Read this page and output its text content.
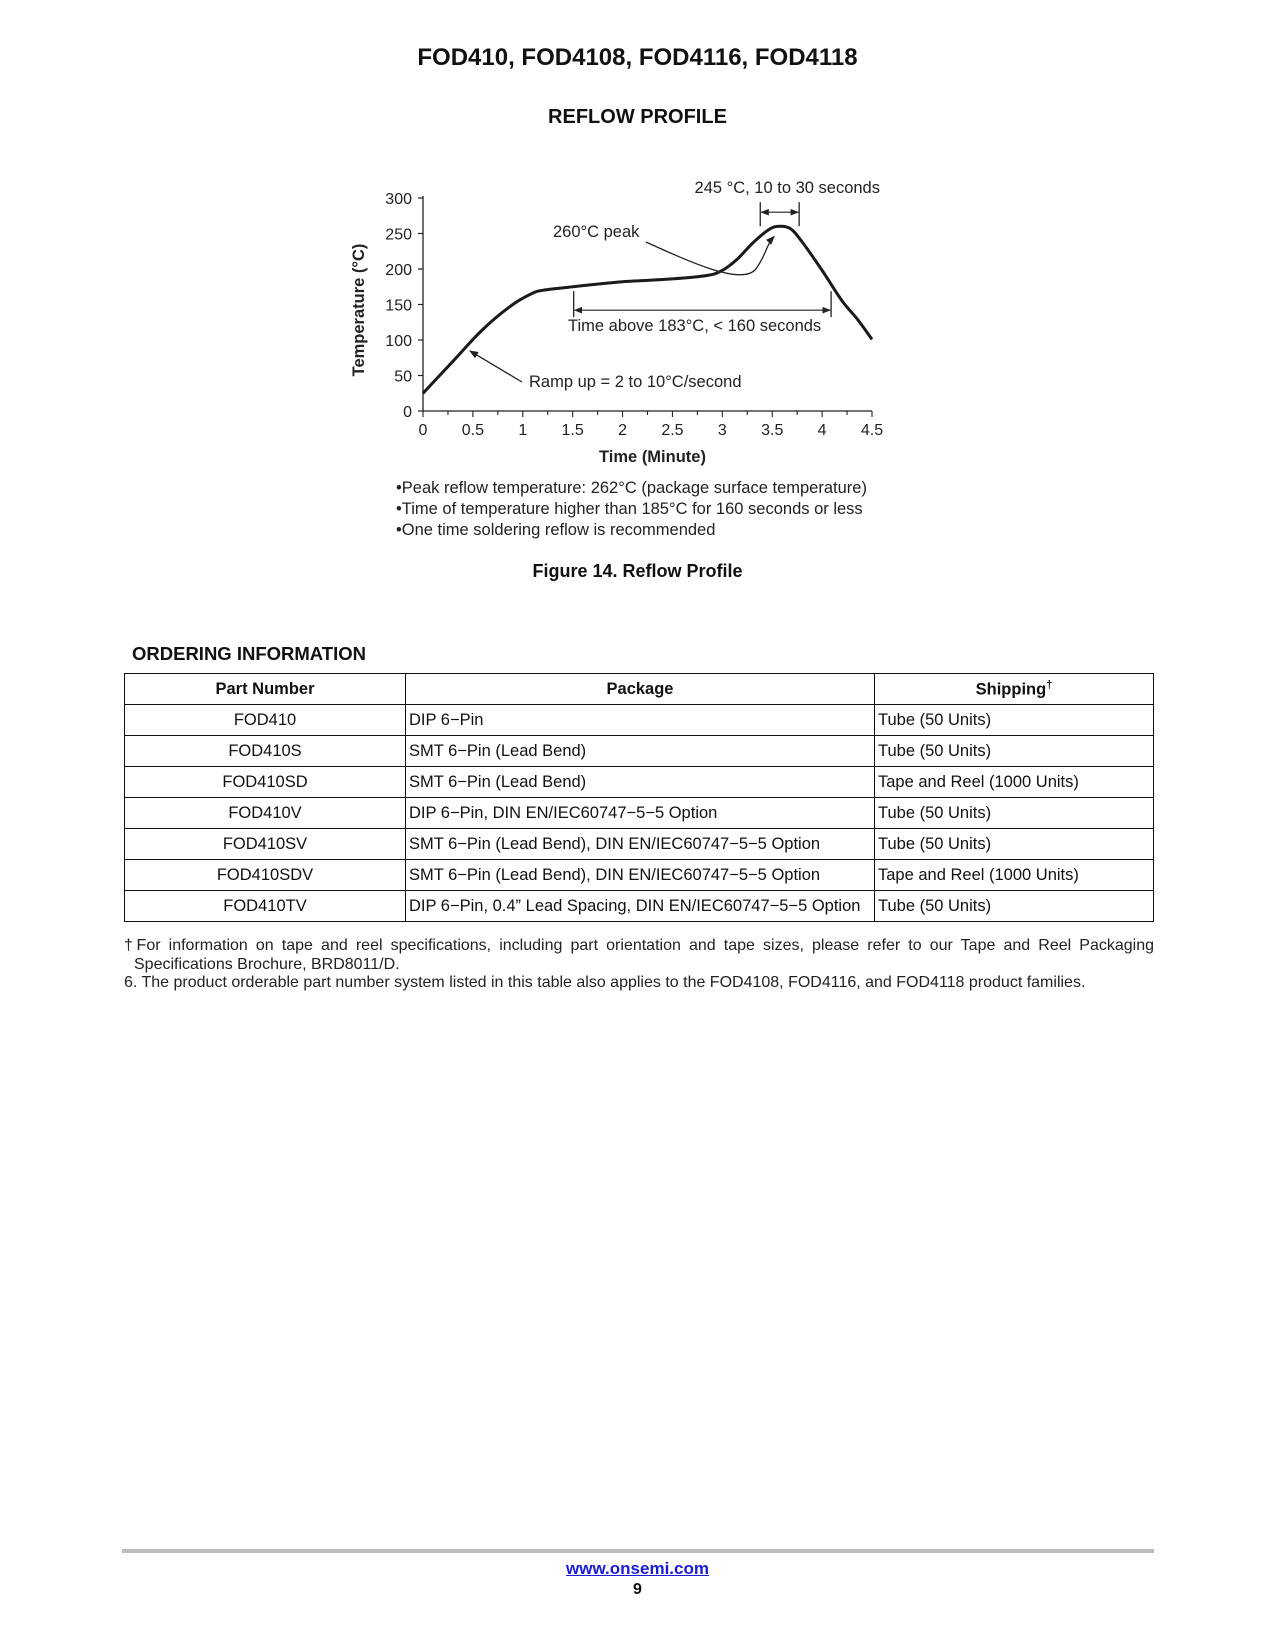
FOD410, FOD4108, FOD4116, FOD4118
REFLOW PROFILE
0
50
100
150
200
250
300
0 0.5 1 1.5 2 2.5 3 3.5 4 4.5
Time (Minute)
Temperature (°C)
245 °C, 10 to 30 seconds
260°C peak
Time above 183°C, < 160 seconds
Ramp up = 2 to 10°C/second
•Peak reflow temperature: 262°C (package surface temperature)
•Time of temperature higher than 185°C for 160 seconds or less
•One time soldering reflow is recommended
Figure 14. Reflow Profile
ORDERING INFORMATION
Part Number	Package	Shipping†
FOD410	DIP 6−Pin	Tube (50 Units)
FOD410S	SMT 6−Pin (Lead Bend)	Tube (50 Units)
FOD410SD	SMT 6−Pin (Lead Bend)	Tape and Reel (1000 Units)
FOD410V	DIP 6−Pin, DIN EN/IEC60747−5−5 Option	Tube (50 Units)
FOD410SV	SMT 6−Pin (Lead Bend), DIN EN/IEC60747−5−5 Option	Tube (50 Units)
FOD410SDV	SMT 6−Pin (Lead Bend), DIN EN/IEC60747−5−5 Option	Tape and Reel (1000 Units)
FOD410TV	DIP 6−Pin, 0.4” Lead Spacing, DIN EN/IEC60747−5−5 Option	Tube (50 Units)
†For information on tape and reel specifications, including part orientation and tape sizes, please refer to our Tape and Reel Packaging Specifications Brochure, BRD8011/D.
6. The product orderable part number system listed in this table also applies to the FOD4108, FOD4116, and FOD4118 product families.
www.onsemi.com
9
